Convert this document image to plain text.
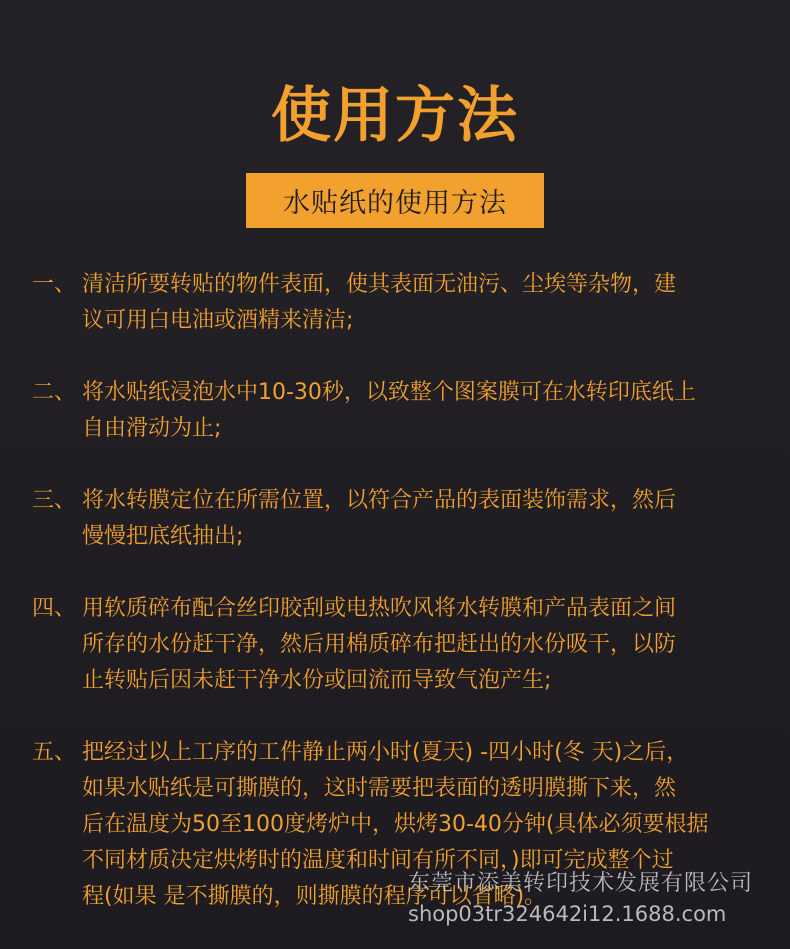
使用方法
水贴纸的使用方法
一、 清洁所要转贴的物件表面，使其表面无油污、尘埃等杂物，建
议可用白电油或酒精来清洁;
二、 将水贴纸浸泡水中10-30秒，以致整个图案膜可在水转印底纸上
自由滑动为止;
三、 将水转膜定位在所需位置，以符合产品的表面装饰需求，然后
慢慢把底纸抽出;
四、 用软质碎布配合丝印胶刮或电热吹风将水转膜和产品表面之间
所存的水份赶干净，然后用棉质碎布把赶出的水份吸干，以防
止转贴后因未赶干净水份或回流而导致气泡产生;
五、 把经过以上工序的工件静止两小时(夏天) -四小时(冬 天)之后，
如果水贴纸是可撕膜的，这时需要把表面的透明膜撕下来，然
后在温度为50至100度烤炉中，烘烤30-40分钟(具体必须要根据
不同材质决定烘烤时的温度和时间有所不同，)即可完成整个过
程(如果 是不撕膜的，则撕膜的程序可以省略)。
东莞市添美转印技术发展有限公司
shop03tr324642i12.1688.com
